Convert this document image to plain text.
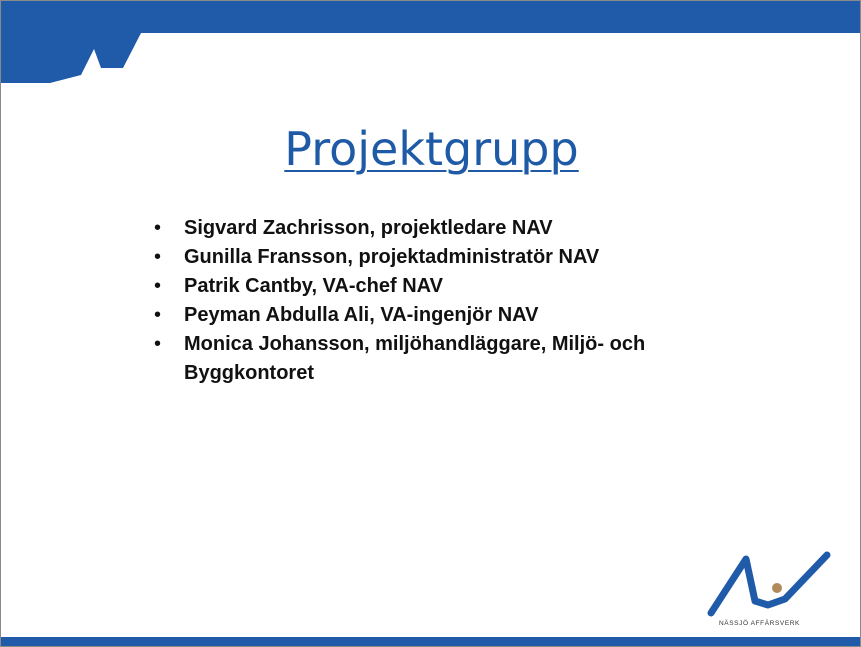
Projektgrupp
• Sigvard Zachrisson, projektledare NAV
• Gunilla Fransson, projektadministratör NAV
• Patrik Cantby, VA-chef NAV
• Peyman Abdulla Ali, VA-ingenjör NAV
• Monica Johansson, miljöhandläggare, Miljö- och
Byggkontoret
NÄSSJÖ AFFÄRSVERK
